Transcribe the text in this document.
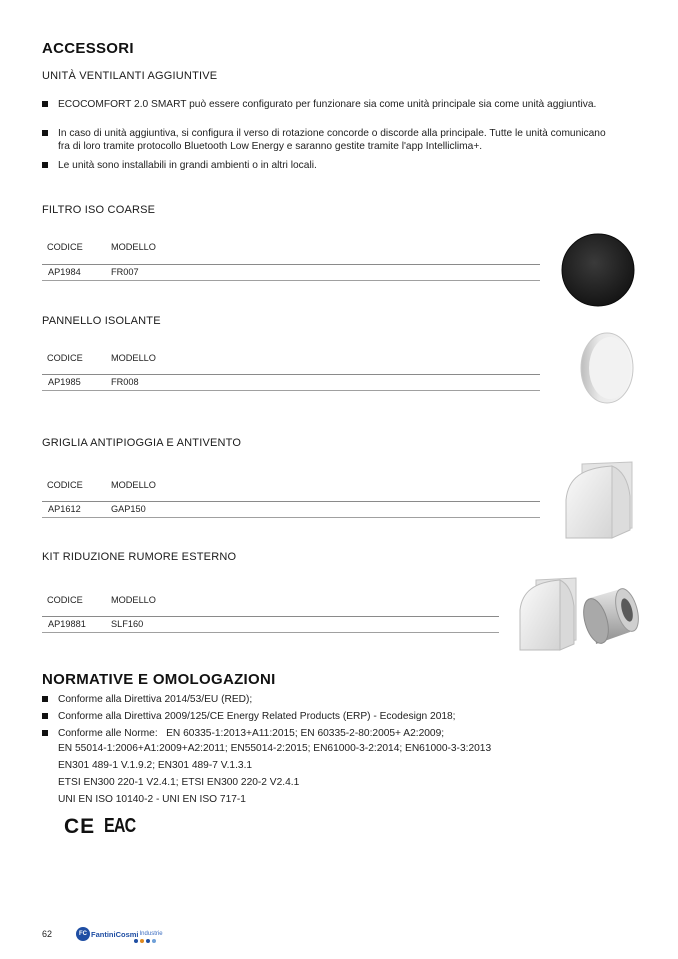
ACCESSORI
UNITÀ VENTILANTI AGGIUNTIVE
ECOCOMFORT 2.0 SMART può essere configurato per funzionare sia come unità principale sia come unità aggiuntiva.
In caso di unità aggiuntiva, si configura il verso di rotazione concorde o discorde alla principale. Tutte le unità comunicano fra di loro tramite protocollo Bluetooth Low Energy e saranno gestite tramite l'app Intelliclima+.
Le unità sono installabili in grandi ambienti o in altri locali.
FILTRO ISO COARSE
CODICE	MODELLO
AP1984	FR007
PANNELLO ISOLANTE
CODICE	MODELLO
AP1985	FR008
GRIGLIA ANTIPIOGGIA E ANTIVENTO
CODICE	MODELLO
AP1612	GAP150
KIT RIDUZIONE RUMORE ESTERNO
CODICE	MODELLO
AP19881	SLF160
NORMATIVE E OMOLOGAZIONI
Conforme alla Direttiva 2014/53/EU (RED);
Conforme alla Direttiva 2009/125/CE Energy Related Products (ERP) - Ecodesign 2018;
Conforme alle Norme:   EN 60335-1:2013+A11:2015; EN 60335-2-80:2005+ A2:2009;
EN 55014-1:2006+A1:2009+A2:2011; EN55014-2:2015; EN61000-3-2:2014; EN61000-3-3:2013
EN301 489-1 V.1.9.2; EN301 489-7 V.1.3.1
ETSI EN300 220-1 V2.4.1; ETSI EN300 220-2 V2.4.1
UNI EN ISO 10140-2 - UNI EN ISO 717-1
CE EAC
62	FC Fantini Cosmi Industrie
